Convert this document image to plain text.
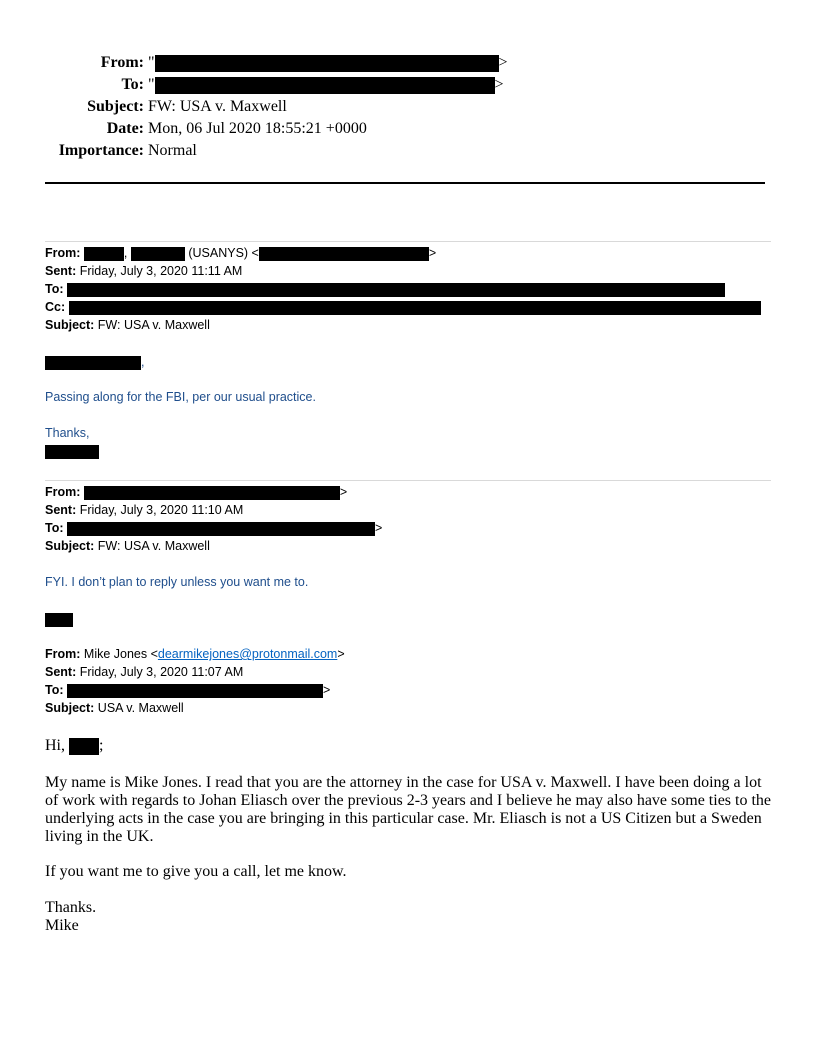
From: "	>
To: "	>
Subject: FW: USA v. Maxwell
Date: Mon, 06 Jul 2020 18:55:21 +0000
Importance: Normal
From:	,	(USANYS) <	>
Sent: Friday, July 3, 2020 11:11 AM
To:
Cc:
Subject: FW: USA v. Maxwell
,
Passing along for the FBI, per our usual practice.
Thanks,
From:	>
Sent: Friday, July 3, 2020 11:10 AM
To:	>
Subject: FW: USA v. Maxwell
FYI. I don’t plan to reply unless you want me to.
From: Mike Jones <dearmikejones@protonmail.com>
Sent: Friday, July 3, 2020 11:07 AM
To:	>
Subject: USA v. Maxwell
Hi, ;
My name is Mike Jones. I read that you are the attorney in the case for USA v. Maxwell. I have been doing a lot of work with regards to Johan Eliasch over the previous 2-3 years and I believe he may also have some ties to the underlying acts in the case you are bringing in this particular case. Mr. Eliasch is not a US Citizen but a Sweden living in the UK.
If you want me to give you a call, let me know.
Thanks.
Mike
